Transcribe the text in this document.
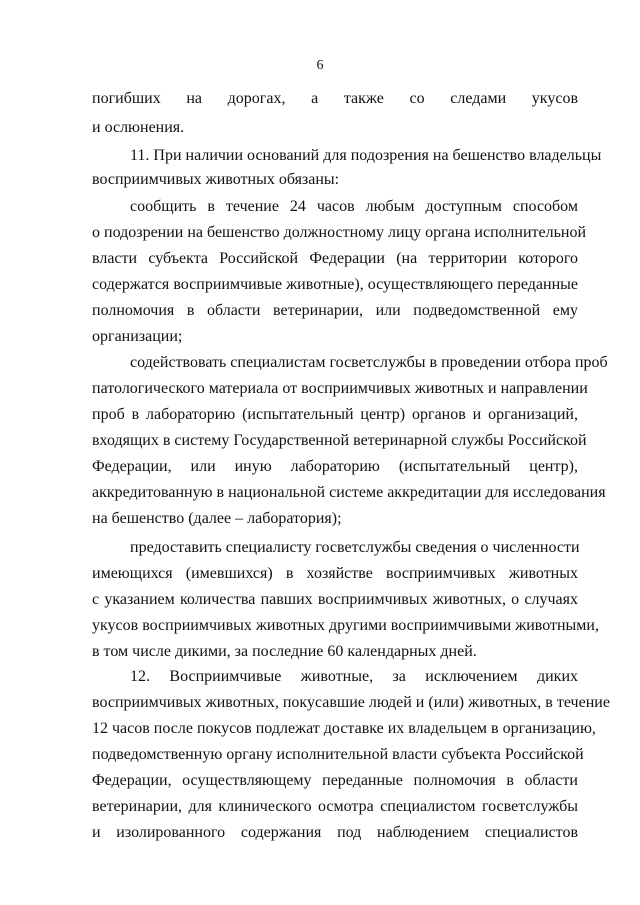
6
погибших на дорогах, а также со следами укусов
и ослюнения.
11. При наличии оснований для подозрения на бешенство владельцы
восприимчивых животных обязаны:
сообщить в течение 24 часов любым доступным способом
о подозрении на бешенство должностному лицу органа исполнительной
власти субъекта Российской Федерации (на территории которого
содержатся восприимчивые животные), осуществляющего переданные
полномочия в области ветеринарии, или подведомственной ему
организации;
содействовать специалистам госветслужбы в проведении отбора проб
патологического материала от восприимчивых животных и направлении
проб в лабораторию (испытательный центр) органов и организаций,
входящих в систему Государственной ветеринарной службы Российской
Федерации, или иную лабораторию (испытательный центр),
аккредитованную в национальной системе аккредитации для исследования
на бешенство (далее – лаборатория);
предоставить специалисту госветслужбы сведения о численности
имеющихся (имевшихся) в хозяйстве восприимчивых животных
с указанием количества павших восприимчивых животных, о случаях
укусов восприимчивых животных другими восприимчивыми животными,
в том числе дикими, за последние 60 календарных дней.
12. Восприимчивые животные, за исключением диких
восприимчивых животных, покусавшие людей и (или) животных, в течение
12 часов после покусов подлежат доставке их владельцем в организацию,
подведомственную органу исполнительной власти субъекта Российской
Федерации, осуществляющему переданные полномочия в области
ветеринарии, для клинического осмотра специалистом госветслужбы
и изолированного содержания под наблюдением специалистов
